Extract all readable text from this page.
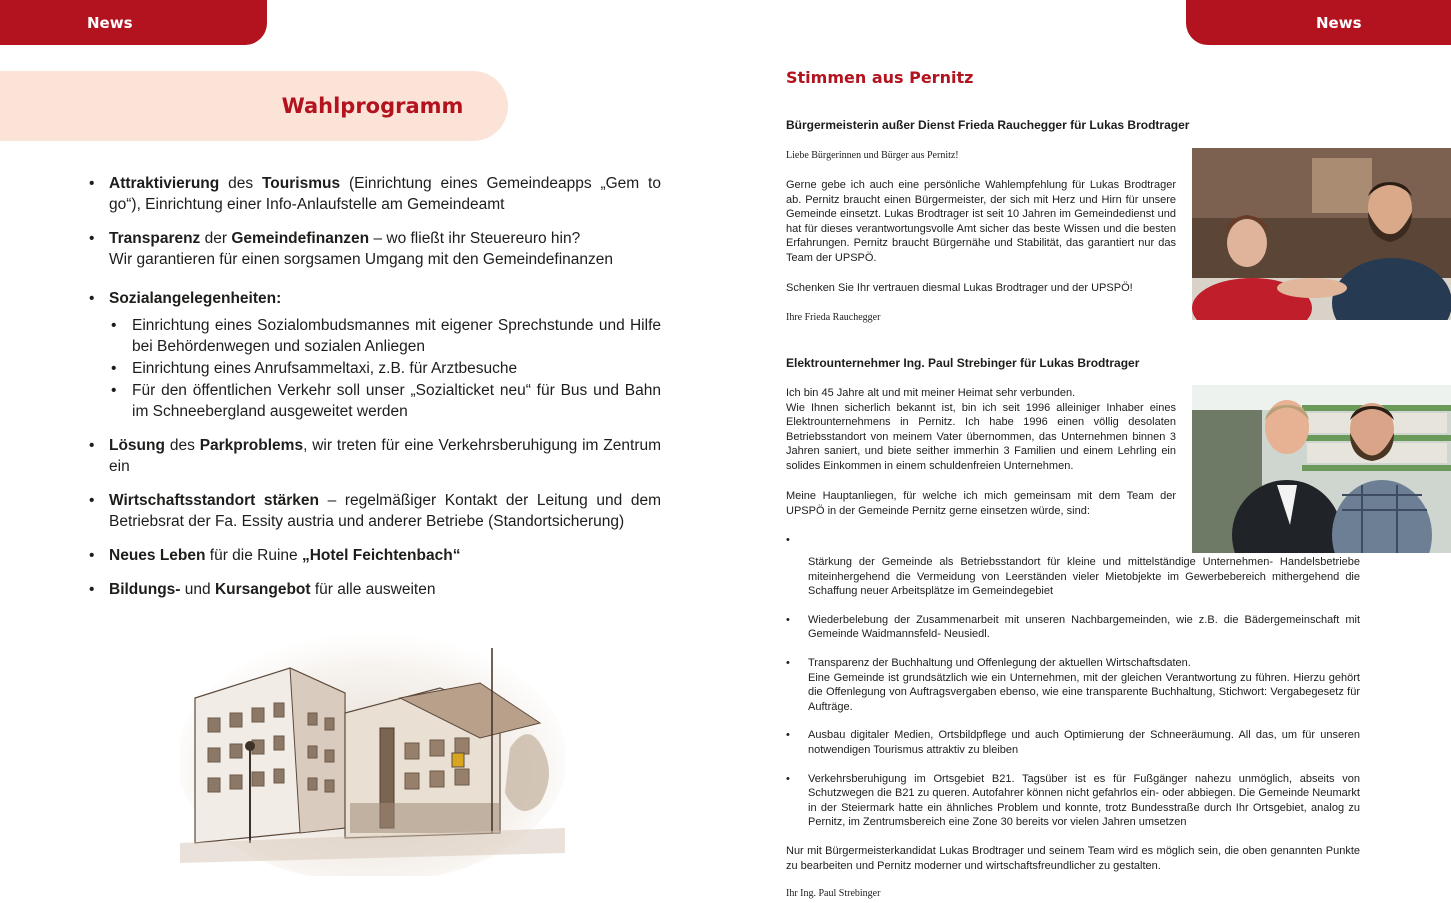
News	News
Wahlprogramm
• Attraktivierung des Tourismus (Einrichtung eines Gemeindeapps „Gem to go“), Einrichtung einer Info-Anlaufstelle am Gemeindeamt
• Transparenz der Gemeindefinanzen – wo fließt ihr Steuereuro hin?
Wir garantieren für einen sorgsamen Umgang mit den Gemeindefinanzen
• Sozialangelegenheiten:
• Einrichtung eines Sozialombudsmannes mit eigener Sprechstunde und Hilfe bei Behördenwegen und sozialen Anliegen
• Einrichtung eines Anrufsammeltaxi, z.B. für Arztbesuche
• Für den öffentlichen Verkehr soll unser „Sozialticket neu“ für Bus und Bahn im Schneebergland ausgeweitet werden
• Lösung des Parkproblems, wir treten für eine Verkehrsberuhigung im Zentrum ein
• Wirtschaftsstandort stärken – regelmäßiger Kontakt der Leitung und dem Betriebsrat der Fa. Essity austria und anderer Betriebe (Standortsicherung)
• Neues Leben für die Ruine „Hotel Feichtenbach“
• Bildungs- und Kursangebot für alle ausweiten
Stimmen aus Pernitz
Bürgermeisterin außer Dienst Frieda Rauchegger für Lukas Brodtrager
Liebe Bürgerinnen und Bürger aus Pernitz!
Gerne gebe ich auch eine persönliche Wahlempfehlung für Lukas Brodtrager ab. Pernitz braucht einen Bürgermeister, der sich mit Herz und Hirn für unsere Gemeinde einsetzt. Lukas Brodtrager ist seit 10 Jahren im Gemeindedienst und hat für dieses verantwortungsvolle Amt sicher das beste Wissen und die besten Erfahrungen. Pernitz braucht Bürgernähe und Stabilität, das garantiert nur das Team der UPSPÖ.
Schenken Sie Ihr vertrauen diesmal Lukas Brodtrager und der UPSPÖ!
Ihre Frieda Rauchegger
Elektrounternehmer Ing. Paul Strebinger für Lukas Brodtrager

Ich bin 45 Jahre alt und mit meiner Heimat sehr verbunden.

Wie Ihnen sicherlich bekannt ist, bin ich seit 1996 alleiniger Inhaber eines Elektrounternehmens in Pernitz. Ich habe 1996 einen völlig desolaten Betriebsstandort von meinem Vater übernommen, das Unternehmen binnen 3 Jahren saniert, und biete seither immerhin 3 Familien und einem Lehrling ein solides Einkommen in einem schuldenfreien Unternehmen.

Meine Hauptanliegen, für welche ich mich gemeinsam mit dem Team der UPSPÖ in der Gemeinde Pernitz gerne einsetzen würde, sind:
• Stärkung der Gemeinde als Betriebsstandort für kleine und mittelständige Unternehmen- Handelsbetriebe miteinhergehend die Vermeidung von Leerständen vieler Mietobjekte im Gewerbebereich mithergehend die Schaffung neuer Arbeitsplätze im Gemeindegebiet
• Wiederbelebung der Zusammenarbeit mit unseren Nachbargemeinden, wie z.B. die Bädergemeinschaft mit Gemeinde Waidmannsfeld- Neusiedl.
• Transparenz der Buchhaltung und Offenlegung der aktuellen Wirtschaftsdaten.
Eine Gemeinde ist grundsätzlich wie ein Unternehmen, mit der gleichen Verantwortung zu führen. Hierzu gehört die Offenlegung von Auftragsvergaben ebenso, wie eine transparente Buchhaltung, Stichwort: Vergabegesetz für Aufträge.
• Ausbau digitaler Medien, Ortsbildpflege und auch Optimierung der Schneeräumung. All das, um für unseren notwendigen Tourismus attraktiv zu bleiben
• Verkehrsberuhigung im Ortsgebiet B21. Tagsüber ist es für Fußgänger nahezu unmöglich, abseits von Schutzwegen die B21 zu queren. Autofahrer können nicht gefahrlos ein- oder abbiegen. Die Gemeinde Neumarkt in der Steiermark hatte ein ähnliches Problem und konnte, trotz Bundesstraße durch Ihr Ortsgebiet, analog zu Pernitz, im Zentrumsbereich eine Zone 30 bereits vor vielen Jahren umsetzen
Nur mit Bürgermeisterkandidat Lukas Brodtrager und seinem Team wird es möglich sein, die oben genannten Punkte zu bearbeiten und Pernitz moderner und wirtschaftsfreundlicher zu gestalten.
Ihr Ing. Paul Strebinger
